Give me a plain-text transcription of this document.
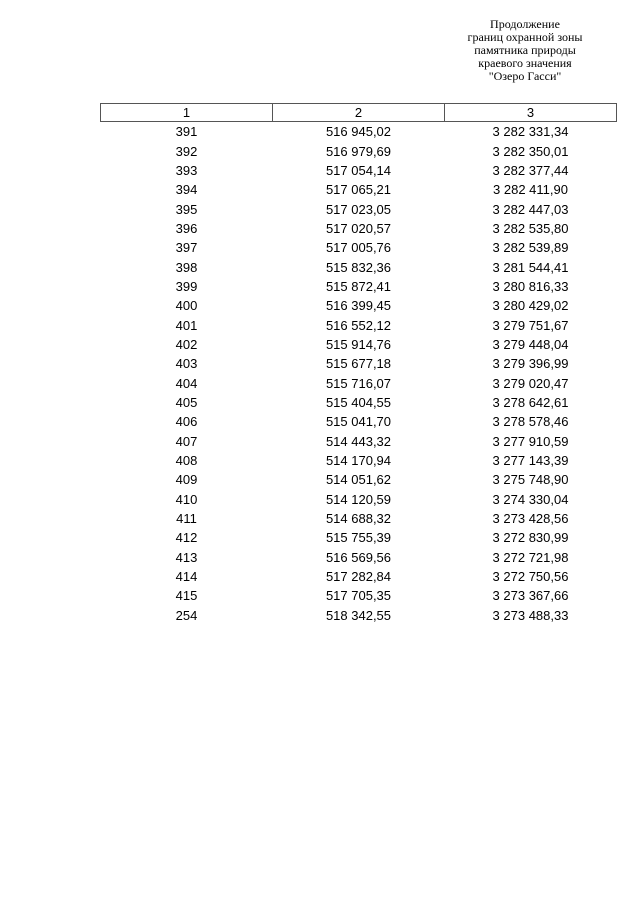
Продолжение
границ охранной зоны
памятника природы
краевого значения
"Озеро Гасси"
1	2	3
391	516 945,02	3 282 331,34
392	516 979,69	3 282 350,01
393	517 054,14	3 282 377,44
394	517 065,21	3 282 411,90
395	517 023,05	3 282 447,03
396	517 020,57	3 282 535,80
397	517 005,76	3 282 539,89
398	515 832,36	3 281 544,41
399	515 872,41	3 280 816,33
400	516 399,45	3 280 429,02
401	516 552,12	3 279 751,67
402	515 914,76	3 279 448,04
403	515 677,18	3 279 396,99
404	515 716,07	3 279 020,47
405	515 404,55	3 278 642,61
406	515 041,70	3 278 578,46
407	514 443,32	3 277 910,59
408	514 170,94	3 277 143,39
409	514 051,62	3 275 748,90
410	514 120,59	3 274 330,04
411	514 688,32	3 273 428,56
412	515 755,39	3 272 830,99
413	516 569,56	3 272 721,98
414	517 282,84	3 272 750,56
415	517 705,35	3 273 367,66
254	518 342,55	3 273 488,33
